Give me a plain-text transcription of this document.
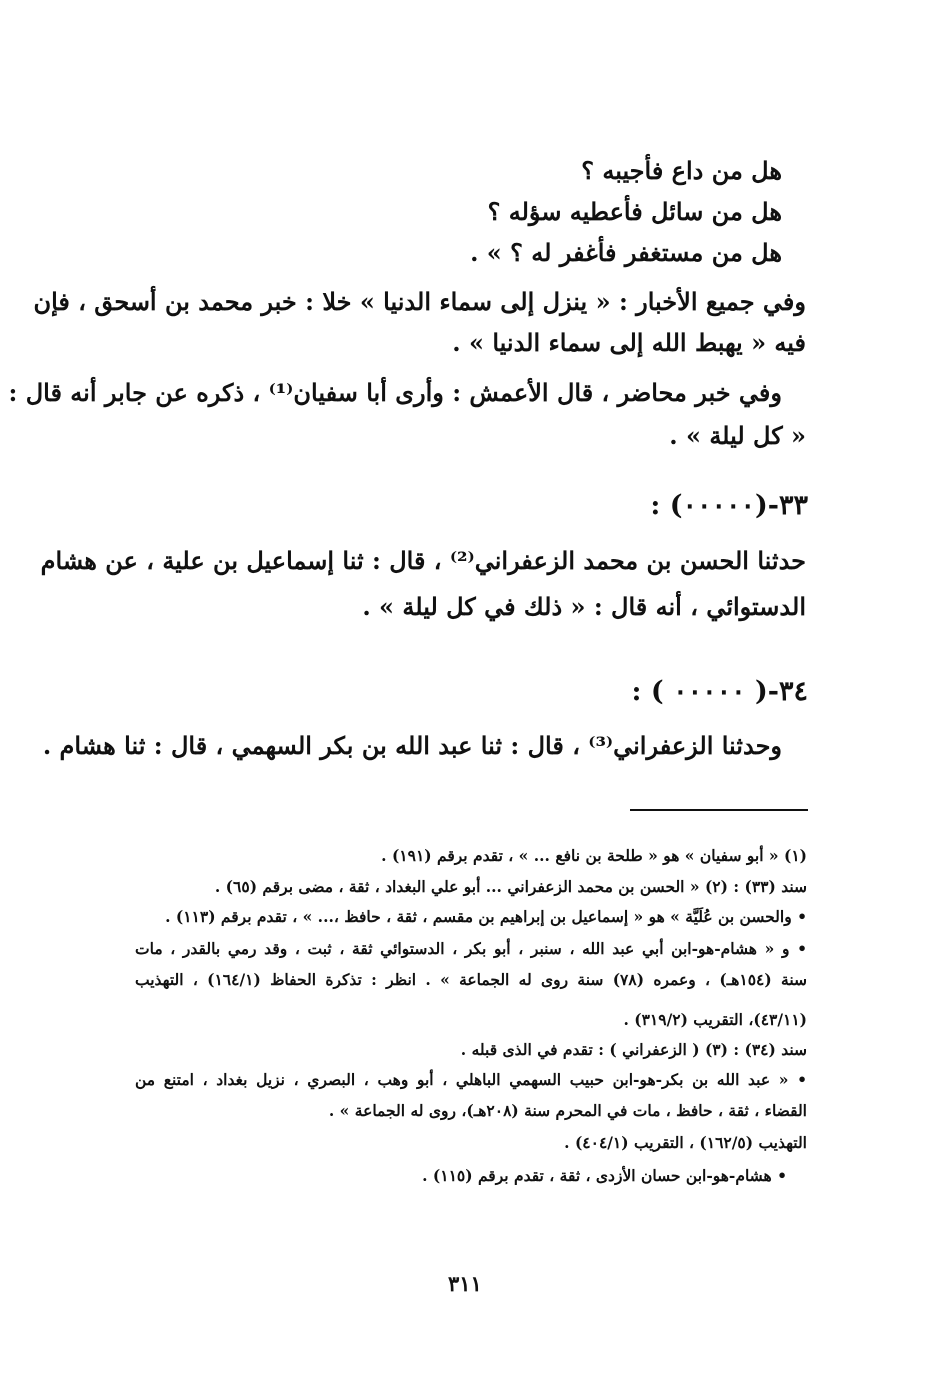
هل من داع فأجيبه ؟
هل من سائل فأعطيه سؤله ؟
هل من مستغفر فأغفر له ؟ » .
وفي جميع الأخبار : « ينزل إلى سماء الدنيا » خلا : خبر محمد بن أسحق ، فإن
فيه « يهبط الله إلى سماء الدنيا » .
وفي خبر محاضر ، قال الأعمش : وأرى أبا سفيان⁽¹⁾ ، ذكره عن جابر أنه قال :
« كل ليلة » .
٣٣-(٠٠٠٠٠) :
حدثنا الحسن بن محمد الزعفراني⁽²⁾ ، قال : ثنا إسماعيل بن علية ، عن هشام
الدستوائي ، أنه قال : « ذلك في كل ليلة » .
٣٤-( ٠٠٠٠٠ ) :
وحدثنا الزعفراني⁽³⁾ ، قال : ثنا عبد الله بن بكر السهمي ، قال : ثنا هشام .
(١) « أبو سفيان » هو « طلحة بن نافع ... » ، تقدم برقم (١٩١) .
سند (٣٣) : (٢) « الحسن بن محمد الزعفراني ... أبو علي البغداد ، ثقة ، مضى برقم (٦٥) .
• والحسن بن عُلَيَّة » هو « إسماعيل بن إبراهيم بن مقسم ، ثقة ، حافظ ،... » ، تقدم برقم (١١٣) .
• و « هشام-هو-ابن أبي عبد الله ، سنبر ، أبو بكر ، الدستوائي ثقة ، ثبت ، وقد رمي بالقدر ، مات
سنة (١٥٤هـ) ، وعمره (٧٨) سنة روى له الجماعة » . انظر : تذكرة الحفاظ (١٦٤/١) ، التهذيب
(٤٣/١١)، التقريب (٣١٩/٢) .
سند (٣٤) : (٣) ( الزعفراني ) : تقدم في الذى قبله .
• « عبد الله بن بكر-هو-ابن حبيب السهمي الباهلي ، أبو وهب ، البصري ، نزيل بغداد ، امتنع من
القضاء ، ثقة ، حافظ ، مات في المحرم سنة (٢٠٨هـ)، روى له الجماعة » .
التهذيب (١٦٢/٥) ، التقريب (٤٠٤/١) .
• هشام-هو-ابن حسان الأزدى ، ثقة ، تقدم برقم (١١٥) .
٣١١
